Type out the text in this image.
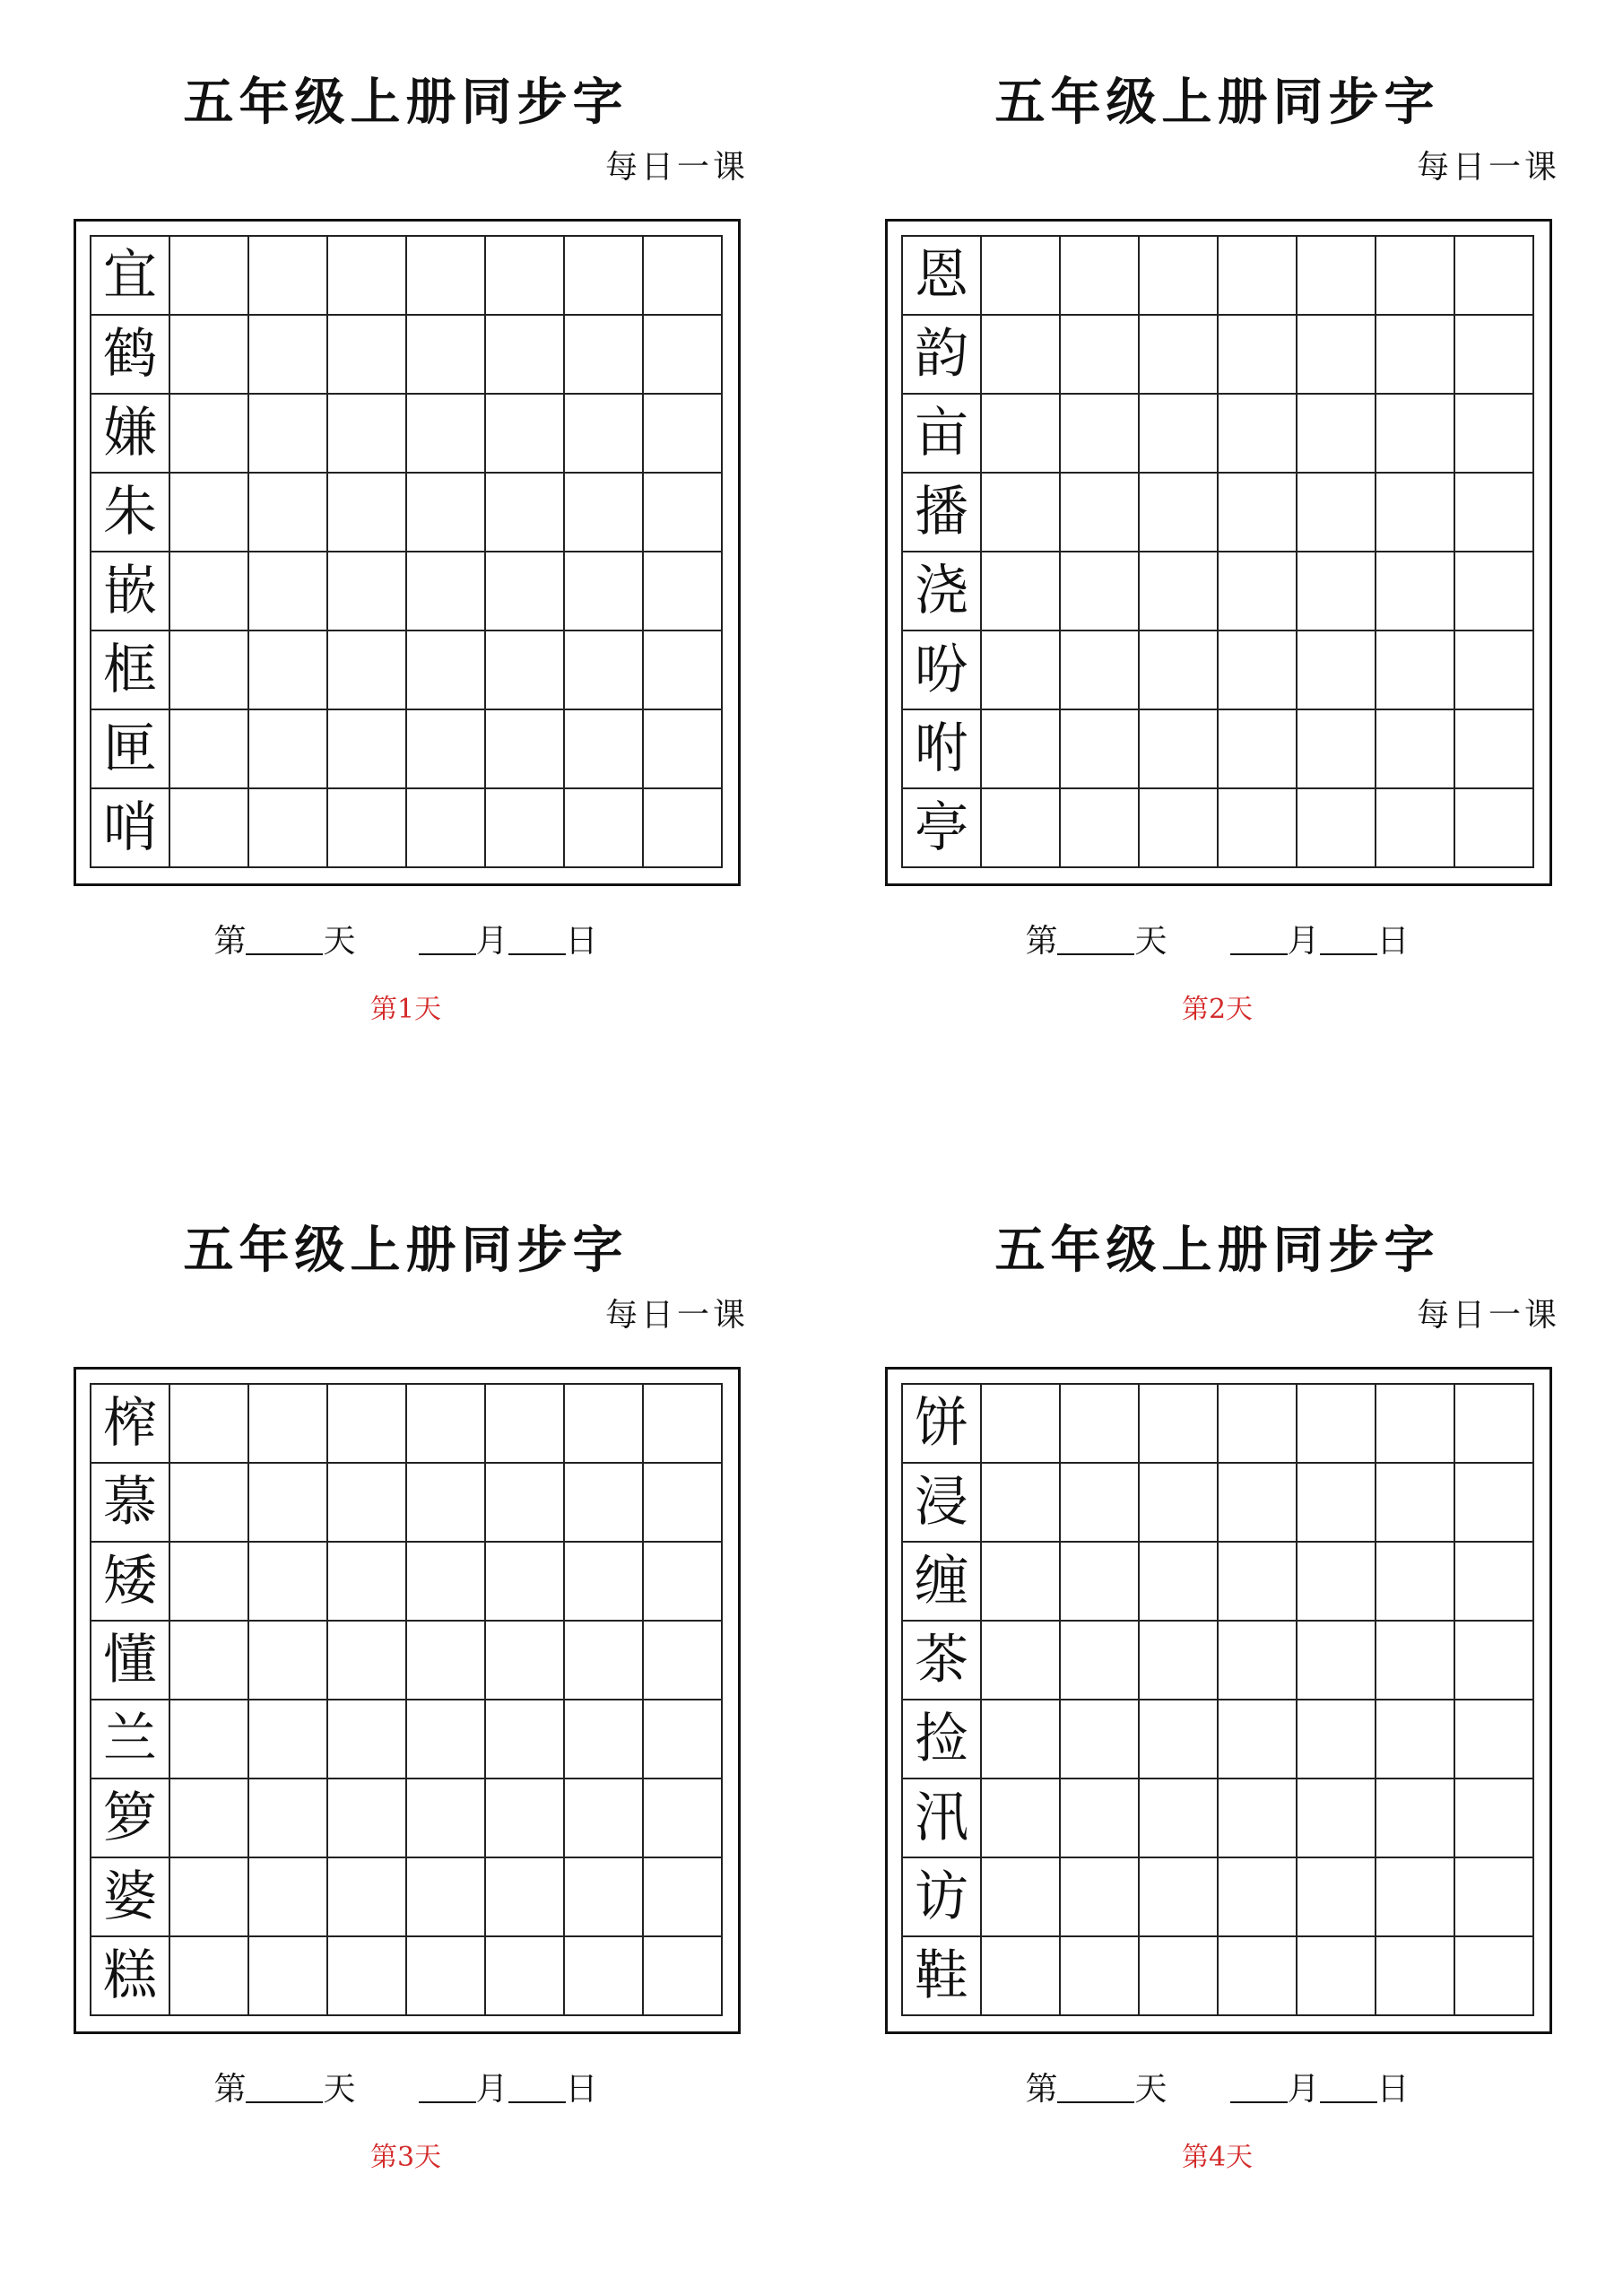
五年级上册同步字
每日一课
宜
鹤
嫌
朱
嵌
框
匣
哨
第 天	月 日
第1天
五年级上册同步字
每日一课
恩
韵
亩
播
浇
吩
咐
亭
第 天	月 日
第2天
五年级上册同步字
每日一课
榨
慕
矮
懂
兰
箩
婆
糕
第 天	月 日
第3天
五年级上册同步字
每日一课
饼
浸
缠
茶
捡
汛
访
鞋
第 天	月 日
第4天
